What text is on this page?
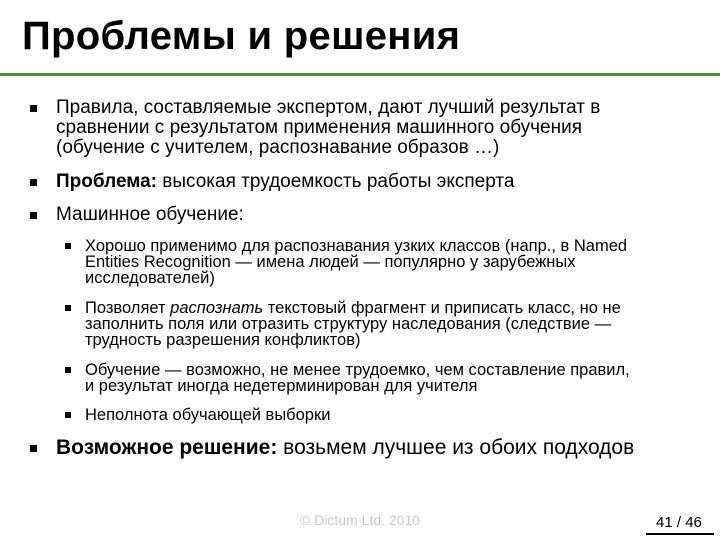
Проблемы и решения
Правила, составляемые экспертом, дают лучший результат в сравнении с результатом применения машинного обучения (обучение с учителем, распознавание образов …)
Проблема: высокая трудоемкость работы эксперта
Машинное обучение:
Хорошо применимо для распознавания узких классов (напр., в Named Entities Recognition — имена людей — популярно у зарубежных исследователей)
Позволяет распознать текстовый фрагмент и приписать класс, но не заполнить поля или отразить структуру наследования (следствие — трудность разрешения конфликтов)
Обучение — возможно, не менее трудоемко, чем составление правил, и результат иногда недетерминирован для учителя
Неполнота обучающей выборки
Возможное решение: возьмем лучшее из обоих подходов
© Dictum Ltd. 2010	41 / 46
